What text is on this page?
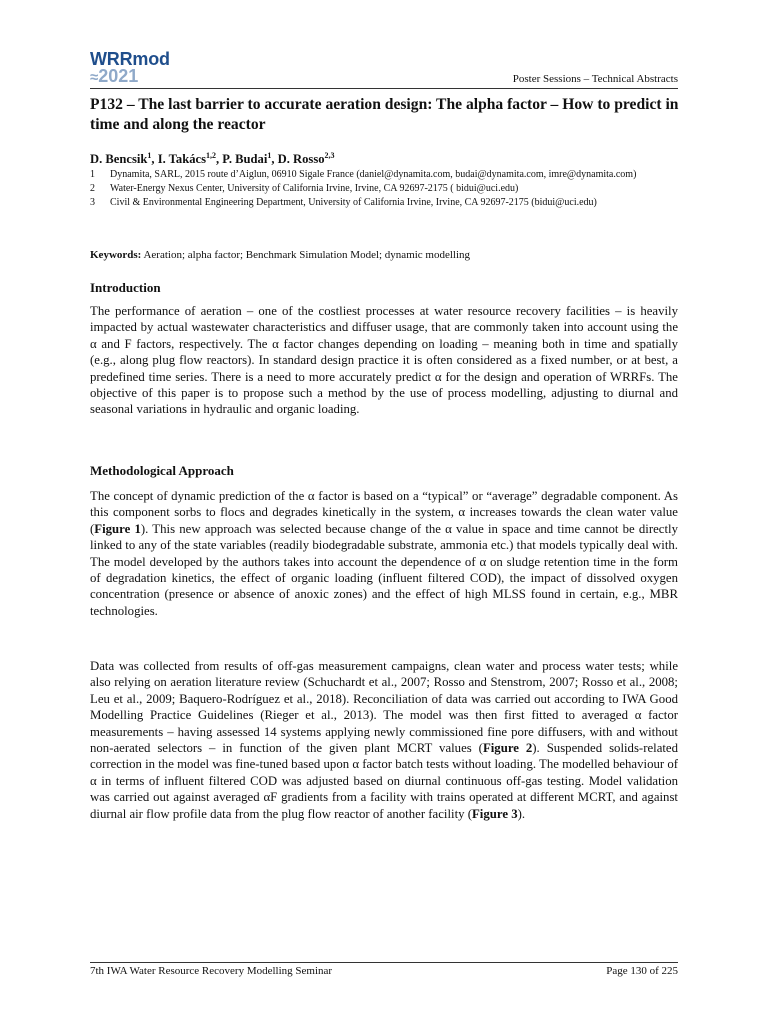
WRRmod
≈2021	Poster Sessions – Technical Abstracts
P132 – The last barrier to accurate aeration design: The alpha factor – How to predict in time and along the reactor

D. Bencsik$^1$, I. Takács$^{1,2}$, P. Budai$^1$, D. Rosso$^{2,3}$

1	Dynamita, SARL, 2015 route d’Aiglun, 06910 Sigale France (daniel@dynamita.com, budai@dynamita.com, imre@dynamita.com)
2	Water-Energy Nexus Center, University of California Irvine, Irvine, CA 92697-2175 ( bidui@uci.edu)
3	Civil & Environmental Engineering Department, University of California Irvine, Irvine, CA 92697-2175 (bidui@uci.edu)
Keywords: Aeration; alpha factor; Benchmark Simulation Model; dynamic modelling
Introduction

The performance of aeration – one of the costliest processes at water resource recovery facilities – is heavily impacted by actual wastewater characteristics and diffuser usage, that are commonly taken into account using the α and F factors, respectively. The α factor changes depending on loading – meaning both in time and spatially (e.g., along plug flow reactors). In standard design practice it is often considered as a fixed number, or at best, a predefined time series. There is a need to more accurately predict α for the design and operation of WRRFs. The objective of this paper is to propose such a method by the use of process modelling, adjusting to diurnal and seasonal variations in hydraulic and organic loading.

Methodological Approach

The concept of dynamic prediction of the α factor is based on a “typical” or “average” degradable component. As this component sorbs to flocs and degrades kinetically in the system, α increases towards the clean water value (Figure 1). This new approach was selected because change of the α value in space and time cannot be directly linked to any of the state variables (readily biodegradable substrate, ammonia etc.) that models typically deal with. The model developed by the authors takes into account the dependence of α on sludge retention time in the form of degradation kinetics, the effect of organic loading (influent filtered COD), the impact of dissolved oxygen concentration (presence or absence of anoxic zones) and the effect of high MLSS found in certain, e.g., MBR technologies.

Data was collected from results of off-gas measurement campaigns, clean water and process water tests; while also relying on aeration literature review (Schuchardt et al., 2007; Rosso and Stenstrom, 2007; Rosso et al., 2008; Leu et al., 2009; Baquero-Rodríguez et al., 2018). Reconciliation of data was carried out according to IWA Good Modelling Practice Guidelines (Rieger et al., 2013). The model was then first fitted to averaged α factor measurements – having assessed 14 systems applying newly commissioned fine pore diffusers, with and without non-aerated selectors – in function of the given plant MCRT values (Figure 2). Suspended solids-related correction in the model was fine-tuned based upon α factor batch tests without loading. The modelled behaviour of α in terms of influent filtered COD was adjusted based on diurnal continuous off-gas testing. Model validation was carried out against averaged αF gradients from a facility with trains operated at different MCRT, and against diurnal air flow profile data from the plug flow reactor of another facility (Figure 3).

7th IWA Water Resource Recovery Modelling Seminar	Page 130 of 225
